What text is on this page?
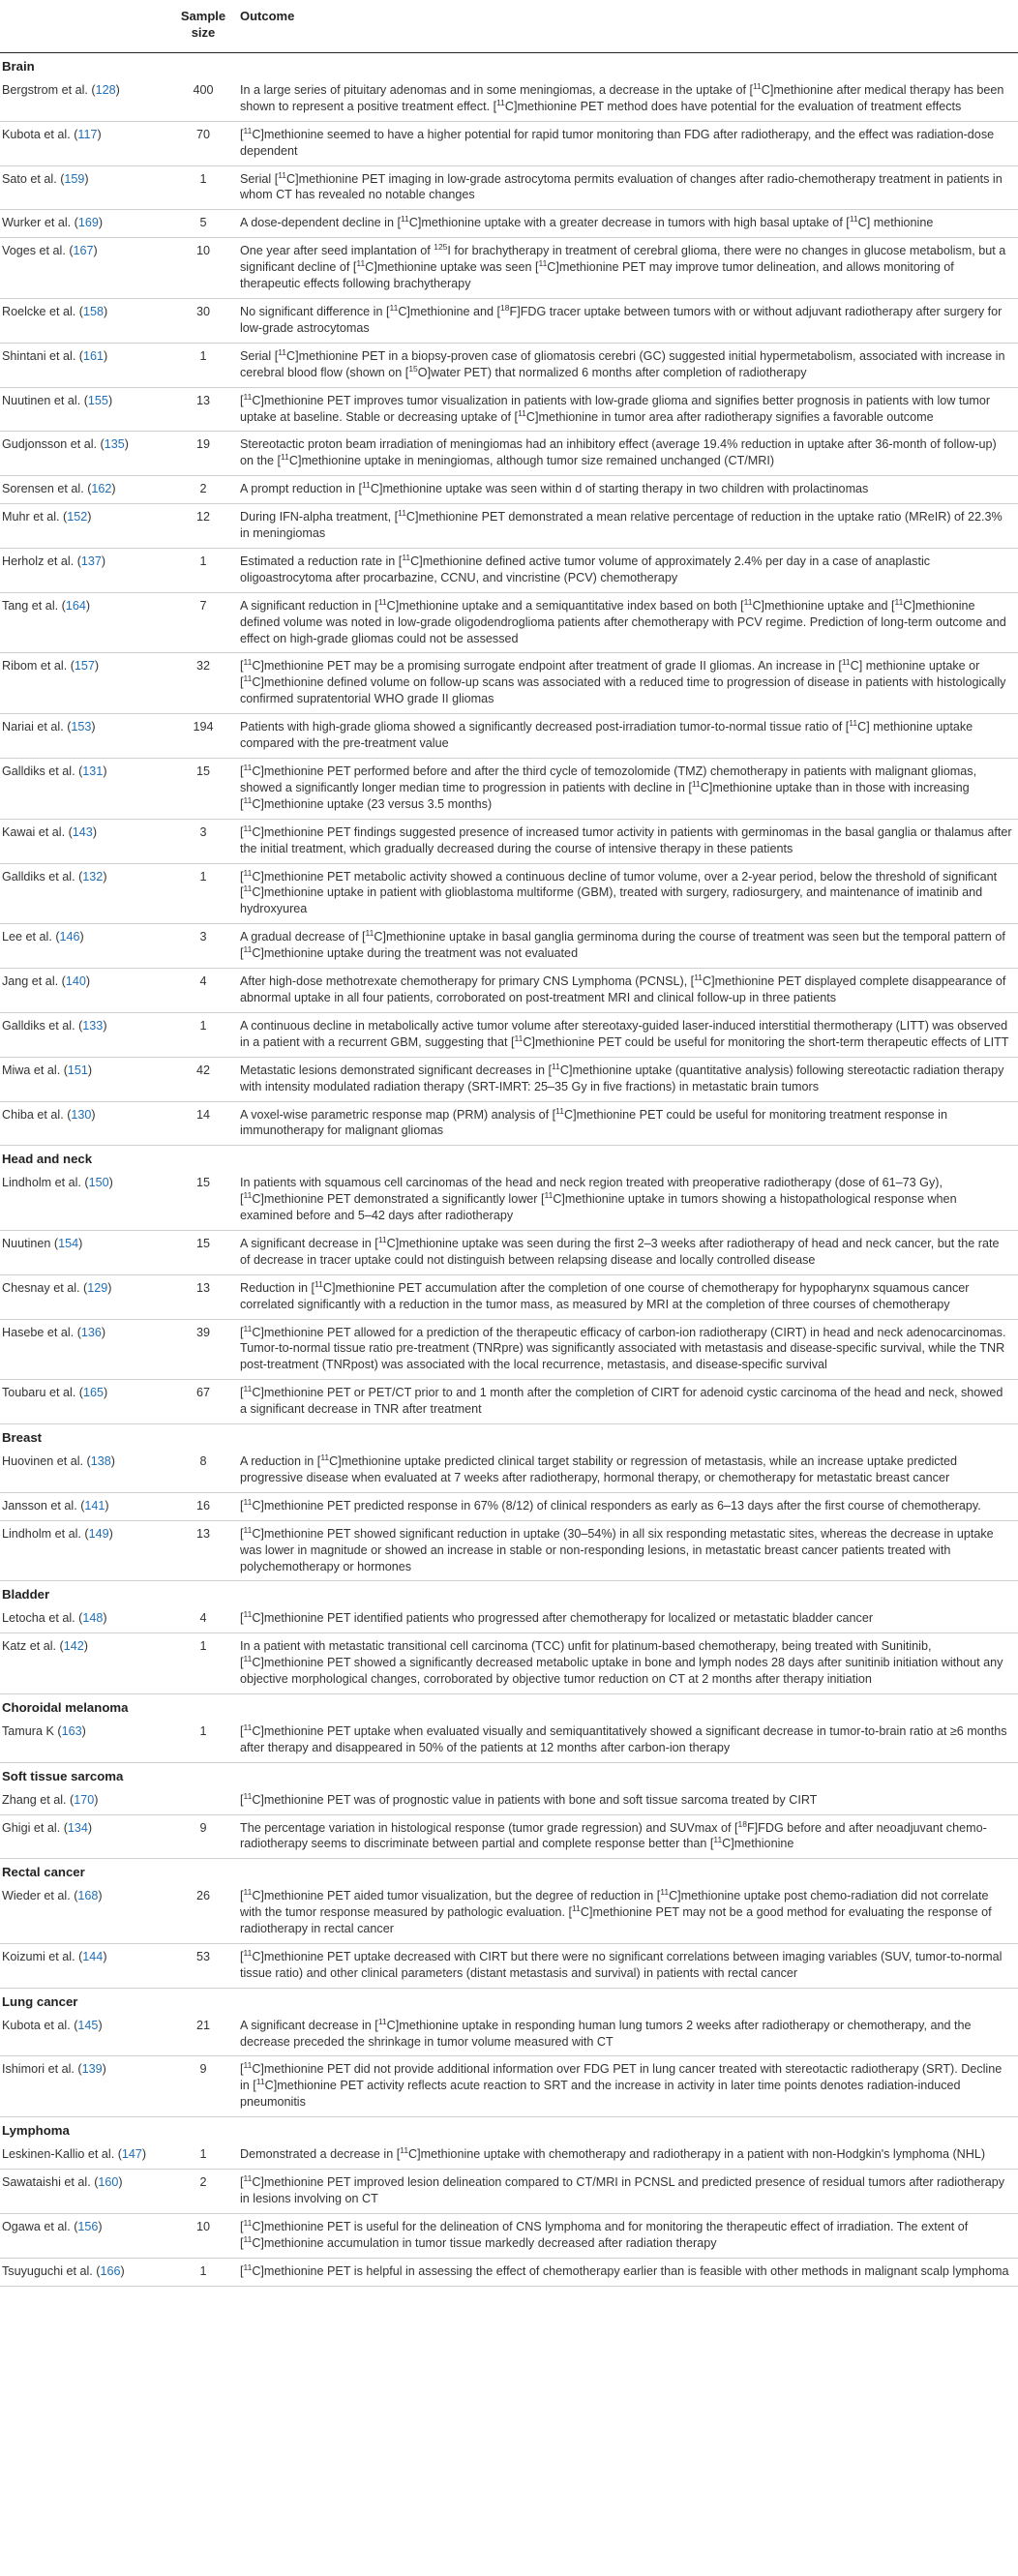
	Sample size	Outcome
Brain		
Bergstrom et al. (128)	400	In a large series of pituitary adenomas and in some meningiomas, a decrease in the uptake of [$^{11}$C]methionine after medical therapy has been shown to represent a positive treatment effect. [$^{11}$C]methionine PET method does have potential for the evaluation of treatment effects
Kubota et al. (117)	70	[$^{11}$C]methionine seemed to have a higher potential for rapid tumor monitoring than FDG after radiotherapy, and the effect was radiation-dose dependent
Sato et al. (159)	1	Serial [$^{11}$C]methionine PET imaging in low-grade astrocytoma permits evaluation of changes after radio-chemotherapy treatment in patients in whom CT has revealed no notable changes
Wurker et al. (169)	5	A dose-dependent decline in [$^{11}$C]methionine uptake with a greater decrease in tumors with high basal uptake of [$^{11}$C] methionine
Voges et al. (167)	10	One year after seed implantation of $^{125}$I for brachytherapy in treatment of cerebral glioma, there were no changes in glucose metabolism, but a significant decline of [$^{11}$C]methionine uptake was seen [$^{11}$C]methionine PET may improve tumor delineation, and allows monitoring of therapeutic effects following brachytherapy
Roelcke et al. (158)	30	No significant difference in [$^{11}$C]methionine and [$^{18}$F]FDG tracer uptake between tumors with or without adjuvant radiotherapy after surgery for low-grade astrocytomas
Shintani et al. (161)	1	Serial [$^{11}$C]methionine PET in a biopsy-proven case of gliomatosis cerebri (GC) suggested initial hypermetabolism, associated with increase in cerebral blood flow (shown on [$^{15}$O]water PET) that normalized 6 months after completion of radiotherapy
Nuutinen et al. (155)	13	[$^{11}$C]methionine PET improves tumor visualization in patients with low-grade glioma and signifies better prognosis in patients with low tumor uptake at baseline. Stable or decreasing uptake of [$^{11}$C]methionine in tumor area after radiotherapy signifies a favorable outcome
Gudjonsson et al. (135)	19	Stereotactic proton beam irradiation of meningiomas had an inhibitory effect (average 19.4% reduction in uptake after 36-month of follow-up) on the [$^{11}$C]methionine uptake in meningiomas, although tumor size remained unchanged (CT/MRI)
Sorensen et al. (162)	2	A prompt reduction in [$^{11}$C]methionine uptake was seen within d of starting therapy in two children with prolactinomas
Muhr et al. (152)	12	During IFN-alpha treatment, [$^{11}$C]methionine PET demonstrated a mean relative percentage of reduction in the uptake ratio (MReIR) of 22.3% in meningiomas
Herholz et al. (137)	1	Estimated a reduction rate in [$^{11}$C]methionine defined active tumor volume of approximately 2.4% per day in a case of anaplastic oligoastrocytoma after procarbazine, CCNU, and vincristine (PCV) chemotherapy
Tang et al. (164)	7	A significant reduction in [$^{11}$C]methionine uptake and a semiquantitative index based on both [$^{11}$C]methionine uptake and [$^{11}$C]methionine defined volume was noted in low-grade oligodendroglioma patients after chemotherapy with PCV regime. Prediction of long-term outcome and effect on high-grade gliomas could not be assessed
Ribom et al. (157)	32	[$^{11}$C]methionine PET may be a promising surrogate endpoint after treatment of grade II gliomas. An increase in [$^{11}$C] methionine uptake or [$^{11}$C]methionine defined volume on follow-up scans was associated with a reduced time to progression of disease in patients with histologically confirmed supratentorial WHO grade II gliomas
Nariai et al. (153)	194	Patients with high-grade glioma showed a significantly decreased post-irradiation tumor-to-normal tissue ratio of [$^{11}$C] methionine uptake compared with the pre-treatment value
Galldiks et al. (131)	15	[$^{11}$C]methionine PET performed before and after the third cycle of temozolomide (TMZ) chemotherapy in patients with malignant gliomas, showed a significantly longer median time to progression in patients with decline in [$^{11}$C]methionine uptake than in those with increasing [$^{11}$C]methionine uptake (23 versus 3.5 months)
Kawai et al. (143)	3	[$^{11}$C]methionine PET findings suggested presence of increased tumor activity in patients with germinomas in the basal ganglia or thalamus after the initial treatment, which gradually decreased during the course of intensive therapy in these patients
Galldiks et al. (132)	1	[$^{11}$C]methionine PET metabolic activity showed a continuous decline of tumor volume, over a 2-year period, below the threshold of significant [$^{11}$C]methionine uptake in patient with glioblastoma multiforme (GBM), treated with surgery, radiosurgery, and maintenance of imatinib and hydroxyurea
Lee et al. (146)	3	A gradual decrease of [$^{11}$C]methionine uptake in basal ganglia germinoma during the course of treatment was seen but the temporal pattern of [$^{11}$C]methionine uptake during the treatment was not evaluated
Jang et al. (140)	4	After high-dose methotrexate chemotherapy for primary CNS Lymphoma (PCNSL), [$^{11}$C]methionine PET displayed complete disappearance of abnormal uptake in all four patients, corroborated on post-treatment MRI and clinical follow-up in three patients
Galldiks et al. (133)	1	A continuous decline in metabolically active tumor volume after stereotaxy-guided laser-induced interstitial thermotherapy (LITT) was observed in a patient with a recurrent GBM, suggesting that [$^{11}$C]methionine PET could be useful for monitoring the short-term therapeutic effects of LITT
Miwa et al. (151)	42	Metastatic lesions demonstrated significant decreases in [$^{11}$C]methionine uptake (quantitative analysis) following stereotactic radiation therapy with intensity modulated radiation therapy (SRT-IMRT: 25–35 Gy in five fractions) in metastatic brain tumors
Chiba et al. (130)	14	A voxel-wise parametric response map (PRM) analysis of [$^{11}$C]methionine PET could be useful for monitoring treatment response in immunotherapy for malignant gliomas
Head and neck		
Lindholm et al. (150)	15	In patients with squamous cell carcinomas of the head and neck region treated with preoperative radiotherapy (dose of 61–73 Gy), [$^{11}$C]methionine PET demonstrated a significantly lower [$^{11}$C]methionine uptake in tumors showing a histopathological response when examined before and 5–42 days after radiotherapy
Nuutinen (154)	15	A significant decrease in [$^{11}$C]methionine uptake was seen during the first 2–3 weeks after radiotherapy of head and neck cancer, but the rate of decrease in tracer uptake could not distinguish between relapsing disease and locally controlled disease
Chesnay et al. (129)	13	Reduction in [$^{11}$C]methionine PET accumulation after the completion of one course of chemotherapy for hypopharynx squamous cancer correlated significantly with a reduction in the tumor mass, as measured by MRI at the completion of three courses of chemotherapy
Hasebe et al. (136)	39	[$^{11}$C]methionine PET allowed for a prediction of the therapeutic efficacy of carbon-ion radiotherapy (CIRT) in head and neck adenocarcinomas. Tumor-to-normal tissue ratio pre-treatment (TNRpre) was significantly associated with metastasis and disease-specific survival, while the TNR post-treatment (TNRpost) was associated with the local recurrence, metastasis, and disease-specific survival
Toubaru et al. (165)	67	[$^{11}$C]methionine PET or PET/CT prior to and 1 month after the completion of CIRT for adenoid cystic carcinoma of the head and neck, showed a significant decrease in TNR after treatment
Breast		
Huovinen et al. (138)	8	A reduction in [$^{11}$C]methionine uptake predicted clinical target stability or regression of metastasis, while an increase uptake predicted progressive disease when evaluated at 7 weeks after radiotherapy, hormonal therapy, or chemotherapy for metastatic breast cancer
Jansson et al. (141)	16	[$^{11}$C]methionine PET predicted response in 67% (8/12) of clinical responders as early as 6–13 days after the first course of chemotherapy.
Lindholm et al. (149)	13	[$^{11}$C]methionine PET showed significant reduction in uptake (30–54%) in all six responding metastatic sites, whereas the decrease in uptake was lower in magnitude or showed an increase in stable or non-responding lesions, in metastatic breast cancer patients treated with polychemotherapy or hormones
Bladder		
Letocha et al. (148)	4	[$^{11}$C]methionine PET identified patients who progressed after chemotherapy for localized or metastatic bladder cancer
Katz et al. (142)	1	In a patient with metastatic transitional cell carcinoma (TCC) unfit for platinum-based chemotherapy, being treated with Sunitinib, [$^{11}$C]methionine PET showed a significantly decreased metabolic uptake in bone and lymph nodes 28 days after sunitinib initiation without any objective morphological changes, corroborated by objective tumor reduction on CT at 2 months after therapy initiation
Choroidal melanoma		
Tamura K (163)	1	[$^{11}$C]methionine PET uptake when evaluated visually and semiquantitatively showed a significant decrease in tumor-to-brain ratio at ≥6 months after therapy and disappeared in 50% of the patients at 12 months after carbon-ion therapy
Soft tissue sarcoma		
Zhang et al. (170)		[$^{11}$C]methionine PET was of prognostic value in patients with bone and soft tissue sarcoma treated by CIRT
Ghigi et al. (134)	9	The percentage variation in histological response (tumor grade regression) and SUVmax of [$^{18}$F]FDG before and after neoadjuvant chemo-radiotherapy seems to discriminate between partial and complete response better than [$^{11}$C]methionine
Rectal cancer		
Wieder et al. (168)	26	[$^{11}$C]methionine PET aided tumor visualization, but the degree of reduction in [$^{11}$C]methionine uptake post chemo-radiation did not correlate with the tumor response measured by pathologic evaluation. [$^{11}$C]methionine PET may not be a good method for evaluating the response of radiotherapy in rectal cancer
Koizumi et al. (144)	53	[$^{11}$C]methionine PET uptake decreased with CIRT but there were no significant correlations between imaging variables (SUV, tumor-to-normal tissue ratio) and other clinical parameters (distant metastasis and survival) in patients with rectal cancer
Lung cancer		
Kubota et al. (145)	21	A significant decrease in [$^{11}$C]methionine uptake in responding human lung tumors 2 weeks after radiotherapy or chemotherapy, and the decrease preceded the shrinkage in tumor volume measured with CT
Ishimori et al. (139)	9	[$^{11}$C]methionine PET did not provide additional information over FDG PET in lung cancer treated with stereotactic radiotherapy (SRT). Decline in [$^{11}$C]methionine PET activity reflects acute reaction to SRT and the increase in activity in later time points denotes radiation-induced pneumonitis
Lymphoma		
Leskinen-Kallio et al. (147)	1	Demonstrated a decrease in [$^{11}$C]methionine uptake with chemotherapy and radiotherapy in a patient with non-Hodgkin's lymphoma (NHL)
Sawataishi et al. (160)	2	[$^{11}$C]methionine PET improved lesion delineation compared to CT/MRI in PCNSL and predicted presence of residual tumors after radiotherapy in lesions involving on CT
Ogawa et al. (156)	10	[$^{11}$C]methionine PET is useful for the delineation of CNS lymphoma and for monitoring the therapeutic effect of irradiation. The extent of [$^{11}$C]methionine accumulation in tumor tissue markedly decreased after radiation therapy
Tsuyuguchi et al. (166)	1	[$^{11}$C]methionine PET is helpful in assessing the effect of chemotherapy earlier than is feasible with other methods in malignant scalp lymphoma
